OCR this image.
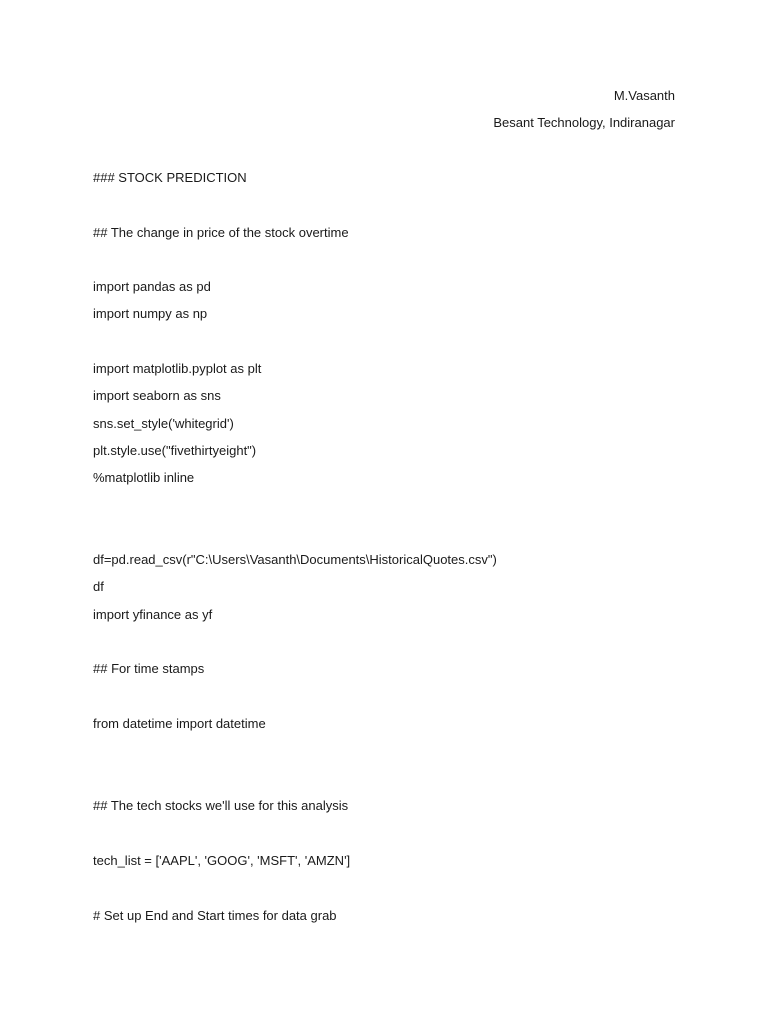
M.Vasanth
Besant Technology, Indiranagar
### STOCK PREDICTION
## The change in price of the stock overtime
import pandas as pd
import numpy as np
import matplotlib.pyplot as plt
import seaborn as sns
sns.set_style('whitegrid')
plt.style.use("fivethirtyeight")
%matplotlib inline
df=pd.read_csv(r"C:\Users\Vasanth\Documents\HistoricalQuotes.csv")
df
import yfinance as yf
## For time stamps
from datetime import datetime
## The tech stocks we'll use for this analysis
tech_list = ['AAPL', 'GOOG', 'MSFT', 'AMZN']
# Set up End and Start times for data grab
